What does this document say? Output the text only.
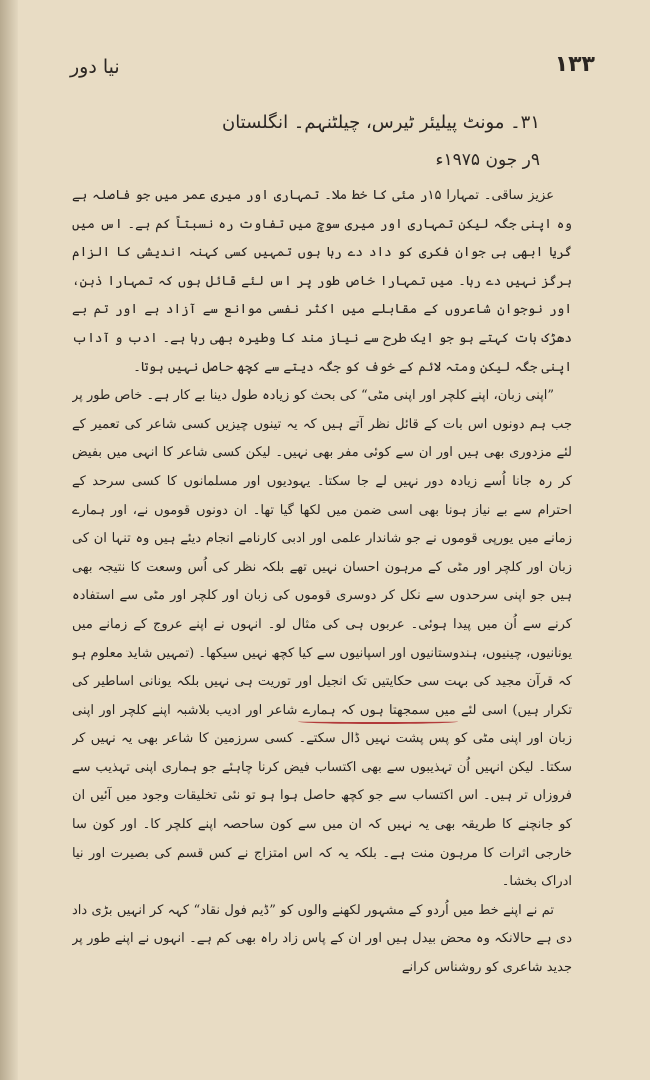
نیا دور	۱۳۳
۳۱۔ مونٹ پیلیئر ٹیرس، چیلٹنہم۔ انگلستان
۹ر جون ۱۹۷۵ء

عزیز ساقی۔ تمہارا ۱۵ر مئی کا خط ملا۔ تمہاری اور میری عمر میں جو فاصلہ ہے وہ اپنی جگہ لیکن تمہاری اور میری سوچ میں تفاوت رہ نسبتاً کم ہے۔ اس میں گریا ابھی ہی جوان فکری کو داد دے رہا ہوں تمہیں کسی کہنہ اندیشی کا الزام ہرگز نہیں دے رہا۔ میں تمہارا خاص طور پر اس لئے قائل ہوں کہ تمہارا ذہن، اور نوجوان شاعروں کے مقابلے میں اکثر نفسی موانع سے آزاد ہے اور تم بے دھڑک بات کہتے ہو جو ایک طرح سے نیاز مند کا وطیرہ بھی رہا ہے۔ ادب و آداب اپنی جگہ لیکن ومتہ لائم کے خوف کو جگہ دیتے سے کچھ حاصل نہیں ہوتا۔

”اپنی زبان، اپنے کلچر اور اپنی مٹی“ کی بحث کو زیادہ طول دینا بے کار ہے۔ خاص طور پر جب ہم دونوں اس بات کے قائل نظر آتے ہیں کہ یہ تینوں چیزیں کسی شاعر کی تعمیر کے لئے مزدوری بھی ہیں اور ان سے کوئی مفر بھی نہیں۔ لیکن کسی شاعر کا انہی میں بفیض کر رہ جانا اُسے زیادہ دور نہیں لے جا سکتا۔ یہودیوں اور مسلمانوں کا کسی سرحد کے احترام سے بے نیاز ہونا بھی اسی ضمن میں لکھا گیا تھا۔ ان دونوں قوموں نے، اور ہمارے زمانے میں یورپی قوموں نے جو شاندار علمی اور ادبی کارنامے انجام دیئے ہیں وہ تنہا ان کی زبان اور کلچر اور مٹی کے مرہون احسان نہیں تھے بلکہ نظر کی اُس وسعت کا نتیجہ بھی ہیں جو اپنی سرحدوں سے نکل کر دوسری قوموں کی زبان اور کلچر اور مٹی سے استفادہ کرنے سے اُن میں پیدا ہوئی۔ عربوں ہی کی مثال لو۔ انہوں نے اپنے عروج کے زمانے میں یونانیوں، چینیوں، ہندوستانیوں اور اسپانیوں سے کیا کچھ نہیں سیکھا۔ (تمہیں شاید معلوم ہو کہ قرآن مجید کی بہت سی حکایتیں تک انجیل اور توریت ہی نہیں بلکہ یونانی اساطیر کی تکرار ہیں) اسی لئے میں سمجھتا ہوں کہ ہمارے شاعر اور ادیب بلاشبہ اپنے کلچر اور اپنی زبان اور اپنی مٹی کو پس پشت نہیں ڈال سکتے۔ کسی سرزمین کا شاعر بھی یہ نہیں کر سکتا۔ لیکن انہیں اُن تہذیبوں سے بھی اکتساب فیض کرنا چاہئے جو ہماری اپنی تہذیب سے فروزاں تر ہیں۔ اس اکتساب سے جو کچھ حاصل ہوا ہو تو نئی تخلیقات وجود میں آئیں ان کو جانچنے کا طریقہ بھی یہ نہیں کہ ان میں سے کون ساحصہ اپنے کلچر کا۔ اور کون سا خارجی اثرات کا مرہون منت ہے۔ بلکہ یہ کہ اس امتزاج نے کس قسم کی بصیرت اور نیا ادراک بخشا۔

تم نے اپنے خط میں اُردو کے مشہور لکھنے والوں کو ”ڈیم فول نقاد“ کہہ کر انہیں بڑی داد دی ہے حالانکہ وہ محض بیدل ہیں اور ان کے پاس زاد راہ بھی کم ہے۔ انہوں نے اپنے طور پر جدید شاعری کو روشناس کرانے
